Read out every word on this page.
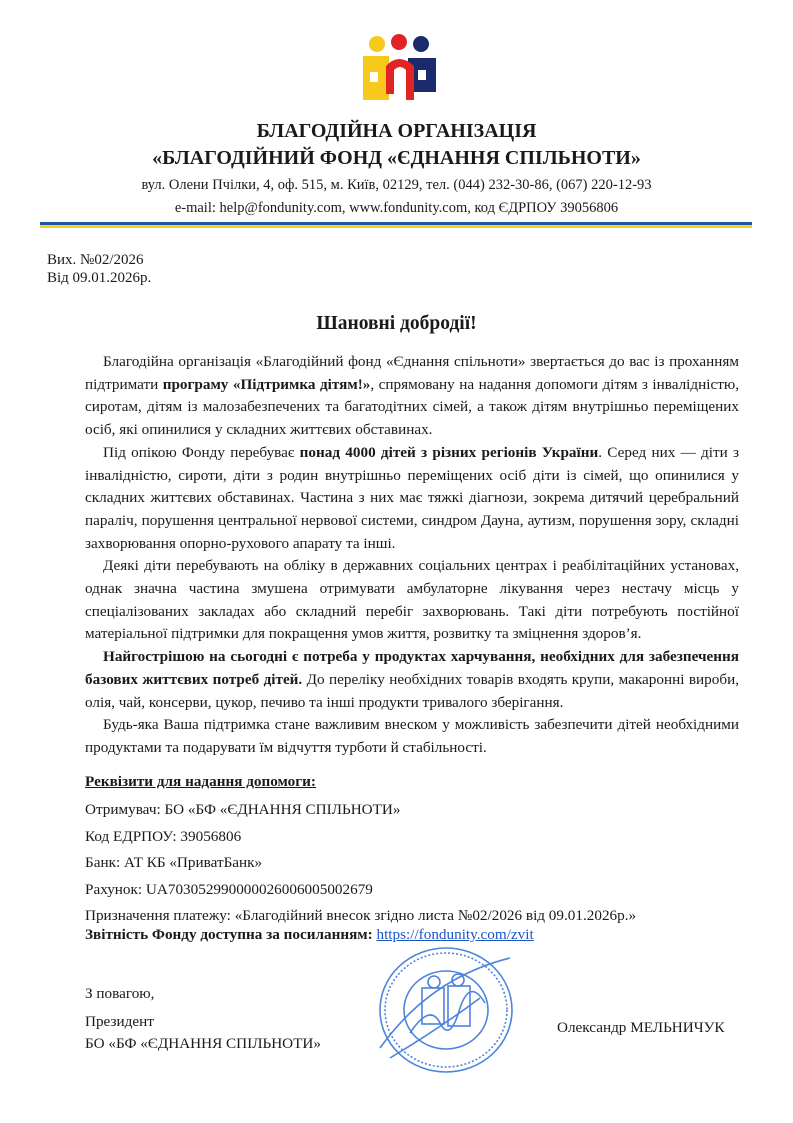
БЛАГОДІЙНА ОРГАНІЗАЦІЯ
«БЛАГОДІЙНИЙ ФОНД «ЄДНАННЯ СПІЛЬНОТИ»
вул. Олени Пчілки, 4, оф. 515, м. Київ, 02129, тел. (044) 232-30-86, (067) 220-12-93
e-mail: help@fondunity.com, www.fondunity.com, код ЄДРПОУ 39056806
Вих. №02/2026
Від 09.01.2026р.
Шановні добродії!

Благодійна організація «Благодійний фонд «Єднання спільноти» звертається до вас із проханням підтримати програму «Підтримка дітям!», спрямовану на надання допомоги дітям з інвалідністю, сиротам, дітям із малозабезпечених та багатодітних сімей, а також дітям внутрішньо переміщених осіб, які опинилися у складних життєвих обставинах.

Під опікою Фонду перебуває понад 4000 дітей з різних регіонів України. Серед них — діти з інвалідністю, сироти, діти з родин внутрішньо переміщених осіб діти із сімей, що опинилися у складних життєвих обставинах. Частина з них має тяжкі діагнози, зокрема дитячий церебральний параліч, порушення центральної нервової системи, синдром Дауна, аутизм, порушення зору, складні захворювання опорно-рухового апарату та інші.

Деякі діти перебувають на обліку в державних соціальних центрах і реабілітаційних установах, однак значна частина змушена отримувати амбулаторне лікування через нестачу місць у спеціалізованих закладах або складний перебіг захворювань. Такі діти потребують постійної матеріальної підтримки для покращення умов життя, розвитку та зміцнення здоров’я.

Найгострішою на сьогодні є потреба у продуктах харчування, необхідних для забезпечення базових життєвих потреб дітей. До переліку необхідних товарів входять крупи, макаронні вироби, олія, чай, консерви, цукор, печиво та інші продукти тривалого зберігання.

Будь-яка Ваша підтримка стане важливим внеском у можливість забезпечити дітей необхідними продуктами та подарувати їм відчуття турботи й стабільності.

Реквізити для надання допомоги:
Отримувач: БО «БФ «ЄДНАННЯ СПІЛЬНОТИ»
Код ЕДРПОУ: 39056806
Банк: АТ КБ «ПриватБанк»
Рахунок: UA703052990000026006005002679
Призначення платежу: «Благодійний внесок згідно листа №02/2026 від 09.01.2026р.»
Звітність Фонду доступна за посиланням: https://fondunity.com/zvit
З повагою,
Президент
БО «БФ «ЄДНАННЯ СПІЛЬНОТИ»
Олександр МЕЛЬНИЧУК
